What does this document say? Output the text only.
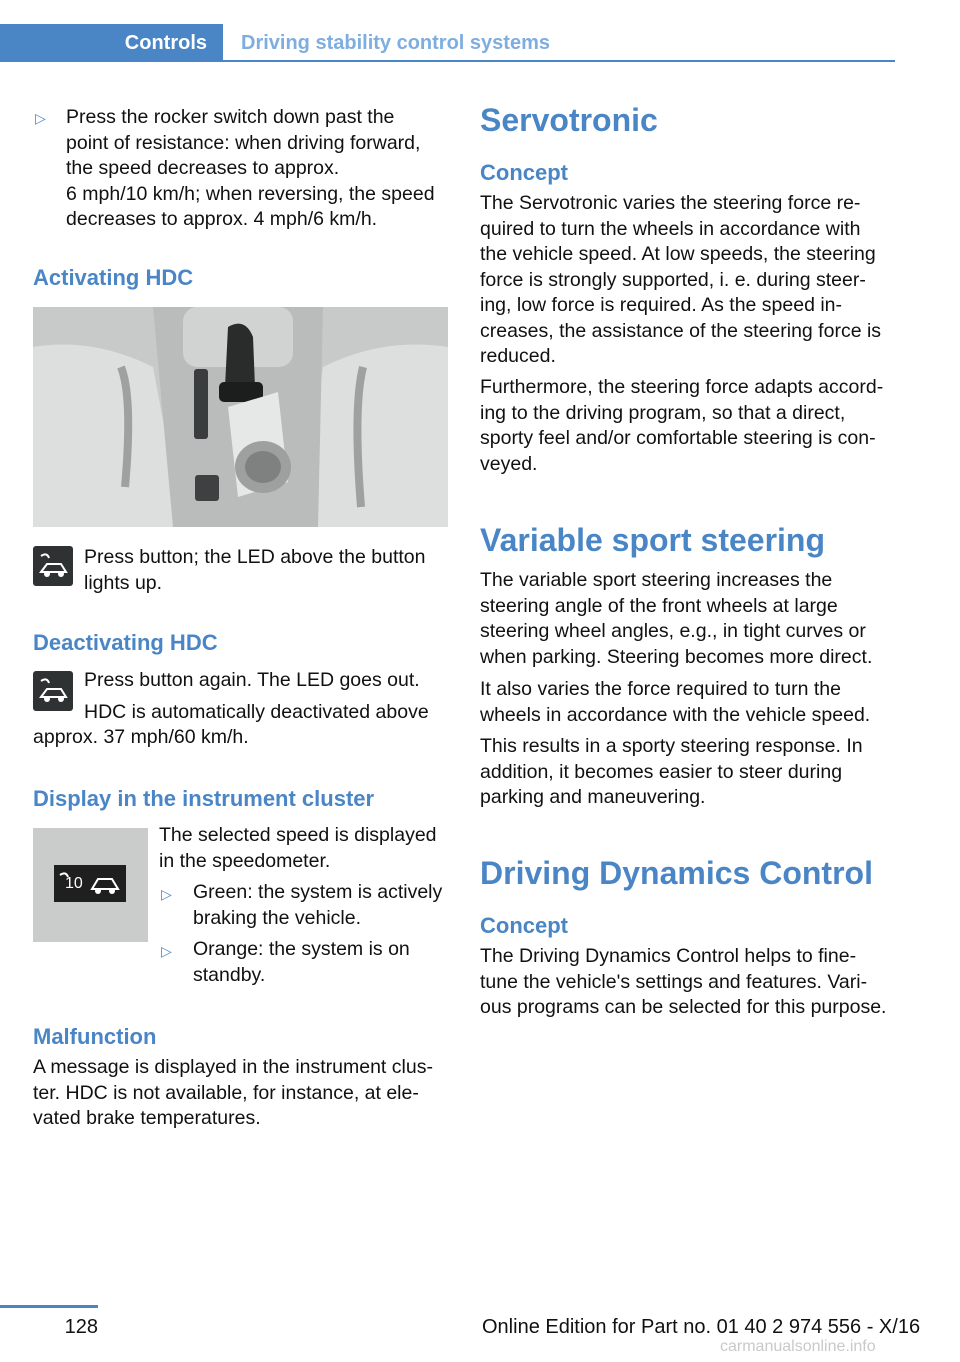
Controls Driving stability control systems
▷ Press the rocker switch down past the

point of resistance: when driving forward,

the speed decreases to approx.

6 mph/10 km/h; when reversing, the speed

decreases to approx. 4 mph/6 km/h.

Activating HDC

Press button; the LED above the button

lights up.

Deactivating HDC

Press button again. The LED goes out.

HDC is automatically deactivated above

approx. 37 mph/60 km/h.

Display in the instrument cluster
10

The selected speed is displayed

in the speedometer.

▷ Green: the system is actively

braking the vehicle.

▷ Orange: the system is on

standby.

Malfunction

A message is displayed in the instrument clus-

ter. HDC is not available, for instance, at ele-

vated brake temperatures.

Servotronic
Concept

The Servotronic varies the steering force re-

quired to turn the wheels in accordance with

the vehicle speed. At low speeds, the steering

force is strongly supported, i. e. during steer-

ing, low force is required. As the speed in-

creases, the assistance of the steering force is

reduced.

Furthermore, the steering force adapts accord-

ing to the driving program, so that a direct,

sporty feel and/or comfortable steering is con-

veyed.

Variable sport steering

The variable sport steering increases the

steering angle of the front wheels at large

steering wheel angles, e.g., in tight curves or

when parking. Steering becomes more direct.

It also varies the force required to turn the

wheels in accordance with the vehicle speed.

This results in a sporty steering response. In

addition, it becomes easier to steer during

parking and maneuvering.

Driving Dynamics Control
Concept

The Driving Dynamics Control helps to fine-

tune the vehicle's settings and features. Vari-

ous programs can be selected for this purpose.

128	Online Edition for Part no. 01 40 2 974 556 - X/16
carmanualsonline.info
